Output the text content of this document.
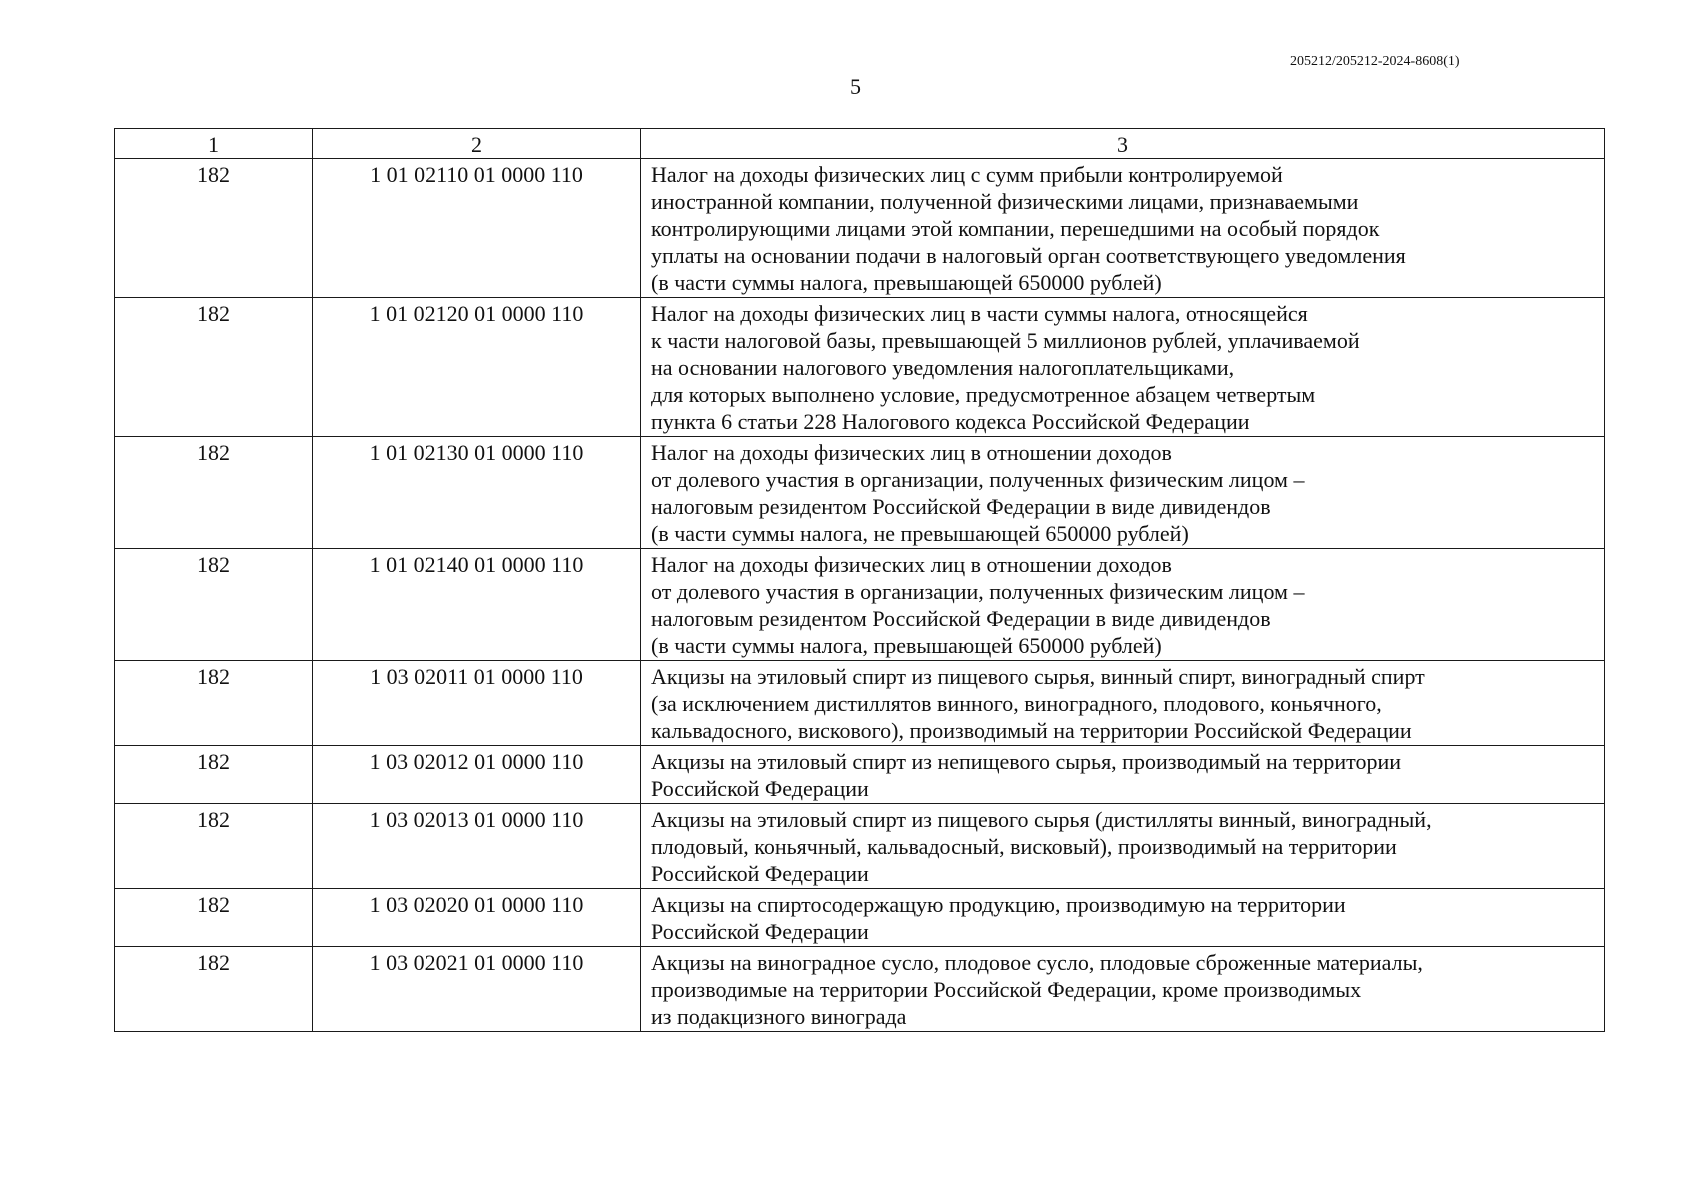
205212/205212-2024-8608(1)
5
1	2	3
182	1 01 02110 01 0000 110	Налог на доходы физических лиц с сумм прибыли контролируемой
иностранной компании, полученной физическими лицами, признаваемыми
контролирующими лицами этой компании, перешедшими на особый порядок
уплаты на основании подачи в налоговый орган соответствующего уведомления
(в части суммы налога, превышающей 650000 рублей)

182	1 01 02120 01 0000 110	Налог на доходы физических лиц в части суммы налога, относящейся
к части налоговой базы, превышающей 5 миллионов рублей, уплачиваемой
на основании налогового уведомления налогоплательщиками,
для которых выполнено условие, предусмотренное абзацем четвертым
пункта 6 статьи 228 Налогового кодекса Российской Федерации

182	1 01 02130 01 0000 110	Налог на доходы физических лиц в отношении доходов
от долевого участия в организации, полученных физическим лицом –
налоговым резидентом Российской Федерации в виде дивидендов
(в части суммы налога, не превышающей 650000 рублей)

182	1 01 02140 01 0000 110	Налог на доходы физических лиц в отношении доходов
от долевого участия в организации, полученных физическим лицом –
налоговым резидентом Российской Федерации в виде дивидендов
(в части суммы налога, превышающей 650000 рублей)

182	1 03 02011 01 0000 110	Акцизы на этиловый спирт из пищевого сырья, винный спирт, виноградный спирт
(за исключением дистиллятов винного, виноградного, плодового, коньячного,
кальвадосного, вискового), производимый на территории Российской Федерации

182	1 03 02012 01 0000 110	Акцизы на этиловый спирт из непищевого сырья, производимый на территории
Российской Федерации

182	1 03 02013 01 0000 110	Акцизы на этиловый спирт из пищевого сырья (дистилляты винный, виноградный,
плодовый, коньячный, кальвадосный, висковый), производимый на территории
Российской Федерации

182	1 03 02020 01 0000 110	Акцизы на спиртосодержащую продукцию, производимую на территории
Российской Федерации

182	1 03 02021 01 0000 110	Акцизы на виноградное сусло, плодовое сусло, плодовые сброженные материалы,
производимые на территории Российской Федерации, кроме производимых
из подакцизного винограда
